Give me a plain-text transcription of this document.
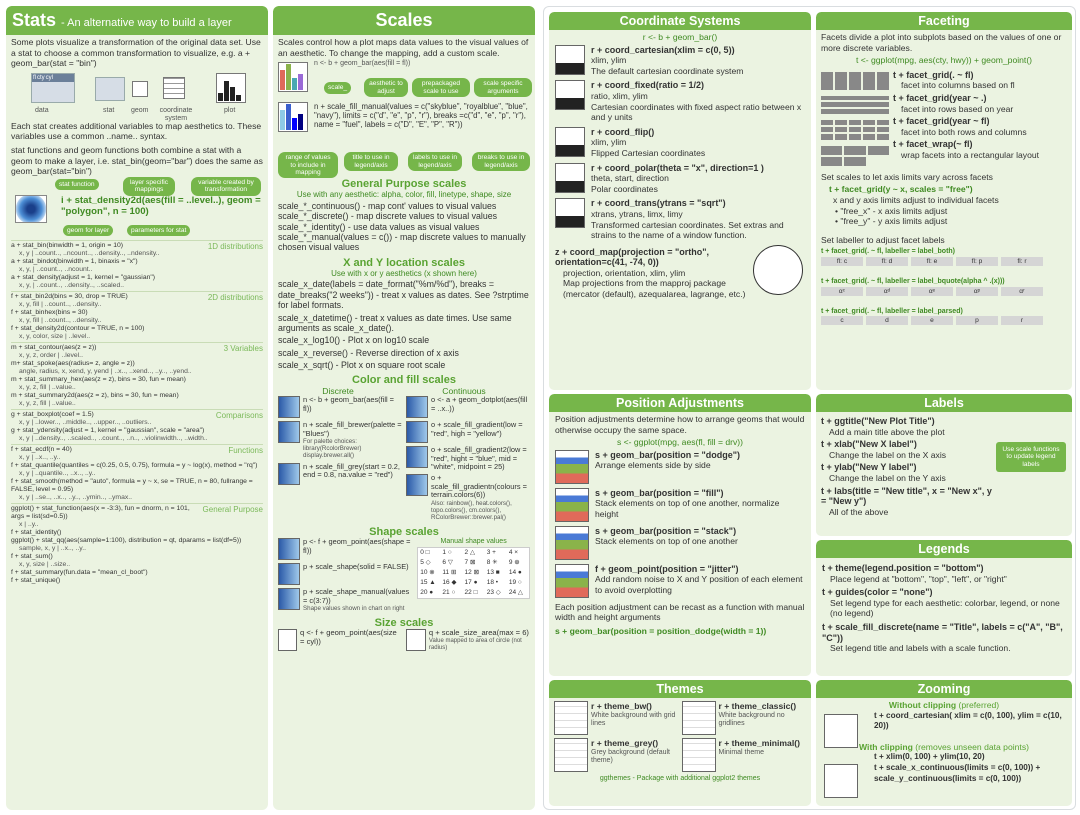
Stats - An alternative way to build a layer
Some plots visualize a transformation of the original data set. Use a stat to choose a common transformation to visualize, e.g. a + geom_bar(stat = "bin")
fl cty cyl
data	stat geom	coordinate system
plot
Each stat creates additional variables to map aesthetics to. These variables use a common ..name.. syntax.
stat functions and geom functions both combine a stat with a geom to make a layer, i.e. stat_bin(geom="bar") does the same as geom_bar(stat="bin")
stat function	layer specific mappings
variable created by transformation
i + stat_density2d(aes(fill = ..level..), geom = "polygon", n = 100)
geom for layer	parameters for stat
1D distributions
a + stat_bin(binwidth = 1, origin = 10)
x, y | ..count.., ..ncount.., ..density.., ..ndensity..
a + stat_bindot(binwidth = 1, binaxis = "x")
x, y, | ..count.., ..ncount..
a + stat_density(adjust = 1, kernel = "gaussian")
x, y, | ..count.., ..density.., ..scaled..
2D distributions
f + stat_bin2d(bins = 30, drop = TRUE)
x, y, fill | ..count.., ..density..
f + stat_binhex(bins = 30)
x, y, fill | ..count.., ..density..
f + stat_density2d(contour = TRUE, n = 100)
x, y, color, size | ..level..
3 Variables
m + stat_contour(aes(z = z))
x, y, z, order | ..level..
m+ stat_spoke(aes(radius= z, angle = z))
angle, radius, x, xend, y, yend | ..x.., ..xend.., ..y.., ..yend..
m + stat_summary_hex(aes(z = z), bins = 30, fun = mean)
x, y, z, fill | ..value..
m + stat_summary2d(aes(z = z), bins = 30, fun = mean)
x, y, z, fill | ..value..
Comparisons
g + stat_boxplot(coef = 1.5)
x, y | ..lower.., ..middle.., ..upper.., ..outliers..
g + stat_ydensity(adjust = 1, kernel = "gaussian", scale = "area")
x, y | ..density.., ..scaled.., ..count.., ..n.., ..violinwidth.., ..width..
Functions
f + stat_ecdf(n = 40)
x, y | ..x.., ..y..
f + stat_quantile(quantiles = c(0.25, 0.5, 0.75), formula = y ~ log(x), method = "rq")
x, y | ..quantile.., ..x.., ..y..
f + stat_smooth(method = "auto", formula = y ~ x, se = TRUE, n = 80, fullrange = FALSE, level = 0.95)
x, y | ..se.., ..x.., ..y.., ..ymin.., ..ymax..
General Purpose
ggplot() + stat_function(aes(x = -3:3), fun = dnorm, n = 101, args = list(sd=0.5))
x | ..y..
f + stat_identity()
ggplot() + stat_qq(aes(sample=1:100), distribution = qt, dparams = list(df=5))
sample, x, y | ..x.., ..y..
f + stat_sum()
x, y, size | ..size..
f + stat_summary(fun.data = "mean_cl_boot")
f + stat_unique()
Scales
Scales control how a plot maps data values to the visual values of an aesthetic. To change the mapping, add a custom scale.
n <- b + geom_bar(aes(fill = fl))
scale_
aesthetic to adjust
prepackaged scale to use
scale specific arguments
n + scale_fill_manual(values = c("skyblue", "royalblue", "blue", "navy"), limits = c("d", "e", "p", "r"), breaks =c("d", "e", "p", "r"), name = "fuel", labels = c("D", "E", "P", "R"))
range of values to include in mapping
title to use in legend/axis
labels to use in legend/axis
breaks to use in legend/axis
General Purpose scales
Use with any aesthetic: alpha, color, fill, linetype, shape, size
scale_*_continuous() - map cont' values to visual values
scale_*_discrete() - map discrete values to visual values
scale_*_identity() - use data values as visual values
scale_*_manual(values = c()) - map discrete values to manually chosen visual values
X and Y location scales
Use with x or y aesthetics (x shown here)
scale_x_date(labels = date_format("%m/%d"), breaks = date_breaks("2 weeks")) - treat x values as dates. See ?strptime for label formats.
scale_x_datetime() - treat x values as date times. Use same arguments as scale_x_date().
scale_x_log10() - Plot x on log10 scale
scale_x_reverse() - Reverse direction of x axis
scale_x_sqrt() - Plot x on square root scale
Color and fill scales
Discrete	Continuous
n <- b + geom_bar(aes(fill = fl))
n + scale_fill_brewer(palette = "Blues")
For palette choices: library(RcolorBrewer) display.brewer.all()
n + scale_fill_grey(start = 0.2, end = 0.8, na.value = "red")
o <- a + geom_dotplot(aes(fill = ..x..))
o + scale_fill_gradient(low = "red", high = "yellow")
o + scale_fill_gradient2(low = "red", hight = "blue", mid = "white", midpoint = 25)
o + scale_fill_gradientn(colours = terrain.colors(6))
Also: rainbow(), heat.colors(), topo.colors(), cm.colors(), RColorBrewer::brewer.pal()
Shape scales
p <- f + geom_point(aes(shape = fl))
p + scale_shape(solid = FALSE)
p + scale_shape_manual(values = c(3:7))
Shape values shown in chart on right
Manual shape values
0 □	1 ○	2 △	3 +	4 ×
5 ◇	6 ▽	7 ⊠	8 ✳	9 ⊕
10 ⊗	11 ⊞	12 ⊠	13 ■	14 ●
15 ▲	16 ◆	17 ●	18 •	19 ○
20 ●	21 ○	22 □	23 ◇	24 △
Size scales
q <- f + geom_point(aes(size = cyl))
q + scale_size_area(max = 6)
Value mapped to area of circle (not radius)
Coordinate Systems
r <- b + geom_bar()
r + coord_cartesian(xlim = c(0, 5))
xlim, ylim
The default cartesian coordinate system
r + coord_fixed(ratio = 1/2)
ratio, xlim, ylim
Cartesian coordinates with fixed aspect ratio between x and y units
r + coord_flip()
xlim, ylim
Flipped Cartesian coordinates
r + coord_polar(theta = "x", direction=1 )
theta, start, direction
Polar coordinates
r + coord_trans(ytrans = "sqrt")
xtrans, ytrans, limx, limy
Transformed cartesian coordinates. Set extras and strains to the name of a window function.
z + coord_map(projection = "ortho", orientation=c(41, -74, 0))
projection, orientation, xlim, ylim
Map projections from the mapproj package (mercator (default), azequalarea, lagrange, etc.)
Faceting
Facets divide a plot into subplots based on the values of one or more discrete variables.
t <- ggplot(mpg, aes(cty, hwy)) + geom_point()
t + facet_grid(. ~ fl)
facet into columns based on fl
t + facet_grid(year ~ .)
facet into rows based on year
t + facet_grid(year ~ fl)
facet into both rows and columns
t + facet_wrap(~ fl)
wrap facets into a rectangular layout
Set scales to let axis limits vary across facets
t + facet_grid(y ~ x, scales = "free")
x and y axis limits adjust to individual facets
• "free_x" - x axis limits adjust
• "free_y" - y axis limits adjust
Set labeller to adjust facet labels
t + facet_grid(. ~ fl, labeller = label_both)
fl: c	fl: d	fl: e	fl: p	fl: r
t + facet_grid(. ~ fl, labeller = label_bquote(alpha ^ .(x)))
αᶜ	αᵈ	αᵉ	αᵖ	αʳ
t + facet_grid(. ~ fl, labeller = label_parsed)
c	d	e	p	r
Position Adjustments
Position adjustments determine how to arrange geoms that would otherwise occupy the same space.
s <- ggplot(mpg, aes(fl, fill = drv))
s + geom_bar(position = "dodge")
Arrange elements side by side
s + geom_bar(position = "fill")
Stack elements on top of one another, normalize height
s + geom_bar(position = "stack")
Stack elements on top of one another
f + geom_point(position = "jitter")
Add random noise to X and Y position of each element to avoid overplotting
Each position adjustment can be recast as a function with manual width and height arguments
s + geom_bar(position = position_dodge(width = 1))
Labels
t + ggtitle("New Plot Title")
Add a main title above the plot
t + xlab("New X label")
Change the label on the X axis
t + ylab("New Y label")
Change the label on the Y axis
t + labs(title = "New title", x = "New x", y = "New y")
All of the above
Use scale functions to update legend labels
Legends
t + theme(legend.position = "bottom")
Place legend at "bottom", "top", "left", or "right"
t + guides(color = "none")
Set legend type for each aesthetic: colorbar, legend, or none (no legend)
t + scale_fill_discrete(name = "Title", labels = c("A", "B", "C"))
Set legend title and labels with a scale function.
Themes
r + theme_bw()
White background with grid lines
r + theme_classic()
White background no gridlines
r + theme_grey()
Grey background (default theme)
r + theme_minimal()
Minimal theme
ggthemes - Package with additional ggplot2 themes
Zooming
Without clipping (preferred)
t + coord_cartesian( xlim = c(0, 100), ylim = c(10, 20))
With clipping (removes unseen data points)
t + xlim(0, 100) + ylim(10, 20)
t + scale_x_continuous(limits = c(0, 100)) + scale_y_continuous(limits = c(0, 100))
